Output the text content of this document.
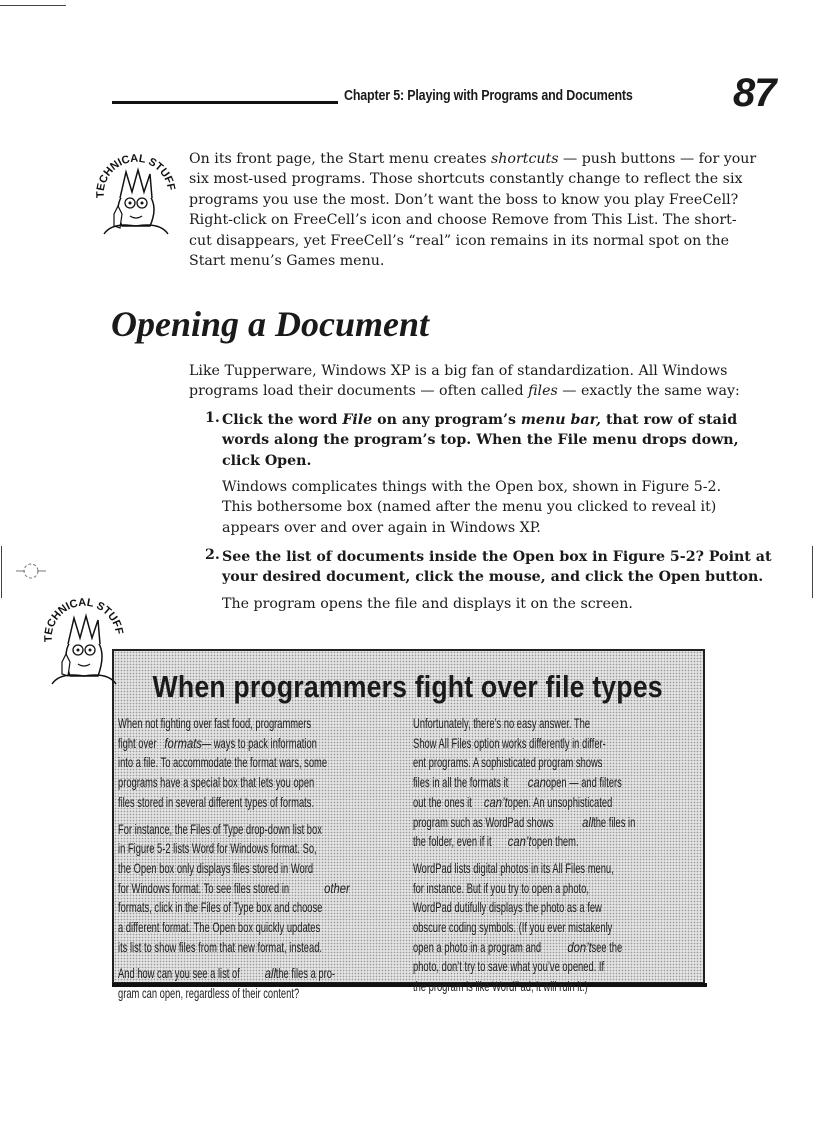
Chapter 5: Playing with Programs and Documents	87
TECHNICAL STUFF
On its front page, the Start menu creates shortcuts — push buttons — for your
six most-used programs. Those shortcuts constantly change to reflect the six
programs you use the most. Don’t want the boss to know you play FreeCell?
Right-click on FreeCell’s icon and choose Remove from This List. The short-
cut disappears, yet FreeCell’s “real” icon remains in its normal spot on the
Start menu’s Games menu.
Opening a Document
Like Tupperware, Windows XP is a big fan of standardization. All Windows
programs load their documents — often called files — exactly the same way:
1. Click the word File on any program’s menu bar, that row of staid
words along the program’s top. When the File menu drops down,
click Open.
Windows complicates things with the Open box, shown in Figure 5-2.
This bothersome box (named after the menu you clicked to reveal it)
appears over and over again in Windows XP.
2. See the list of documents inside the Open box in Figure 5-2? Point at
your desired document, click the mouse, and click the Open button.
The program opens the file and displays it on the screen.
TECHNICAL STUFF
When programmers fight over file types
When not fighting over fast food, programmers
fight overformats— ways to pack information
into a file. To accommodate the format wars, some
programs have a special box that lets you open
files stored in several different types of formats.
For instance, the Files of Type drop-down list box
in Figure 5-2 lists Word for Windows format. So,
the Open box only displays files stored in Word
for Windows format. To see files stored in	other
formats, click in the Files of Type box and choose
a different format. The Open box quickly updates
its list to show files from that new format, instead.
And how can you see a list ofallthe files a pro-
gram can open, regardless of their content?
Unfortunately, there’s no easy answer. The
Show All Files option works differently in differ-
ent programs. A sophisticated program shows
files in all the formats itcanopen — and filters
out the ones itcan’topen. An unsophisticated
program such as WordPad showsallthe files in
the folder, even if itcan’topen them.
WordPad lists digital photos in its All Files menu,
for instance. But if you try to open a photo,
WordPad dutifully displays the photo as a few
obscure coding symbols. (If you ever mistakenly
open a photo in a program anddon’tsee the
photo, don’t try to save what you’ve opened. If
the program is like WordPad, it will ruin it.)
